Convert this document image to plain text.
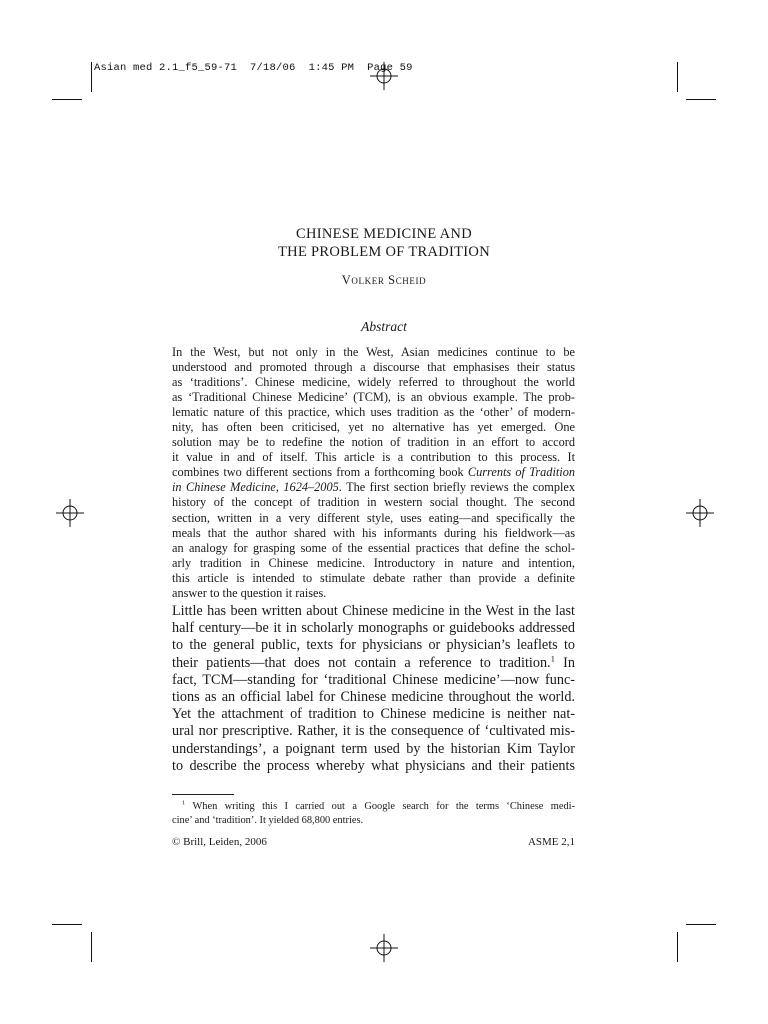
Asian med 2.1_f5_59-71 7/18/06 1:45 PM Page 59
CHINESE MEDICINE AND
THE PROBLEM OF TRADITION
Volker Scheid
Abstract
In the West, but not only in the West, Asian medicines continue to be
understood and promoted through a discourse that emphasises their status
as ‘traditions’. Chinese medicine, widely referred to throughout the world
as ‘Traditional Chinese Medicine’ (TCM), is an obvious example. The prob-
lematic nature of this practice, which uses tradition as the ‘other’ of modern-
nity, has often been criticised, yet no alternative has yet emerged. One
solution may be to redefine the notion of tradition in an effort to accord
it value in and of itself. This article is a contribution to this process. It
combines two different sections from a forthcoming book Currents of Tradition
in Chinese Medicine, 1624–2005. The first section briefly reviews the complex
history of the concept of tradition in western social thought. The second
section, written in a very different style, uses eating—and specifically the
meals that the author shared with his informants during his fieldwork—as
an analogy for grasping some of the essential practices that define the schol-
arly tradition in Chinese medicine. Introductory in nature and intention,
this article is intended to stimulate debate rather than provide a definite
answer to the question it raises.
Little has been written about Chinese medicine in the West in the last
half century—be it in scholarly monographs or guidebooks addressed
to the general public, texts for physicians or physician’s leaflets to
their patients—that does not contain a reference to tradition.$^1$ In
fact, TCM—standing for ‘traditional Chinese medicine’—now func-
tions as an official label for Chinese medicine throughout the world.
Yet the attachment of tradition to Chinese medicine is neither nat-
ural nor prescriptive. Rather, it is the consequence of ‘cultivated mis-
understandings’, a poignant term used by the historian Kim Taylor
to describe the process whereby what physicians and their patients
$^1$ When writing this I carried out a Google search for the terms ‘Chinese medi-
cine’ and ‘tradition’. It yielded 68,800 entries.
© Brill, Leiden, 2006	ASME 2,1
